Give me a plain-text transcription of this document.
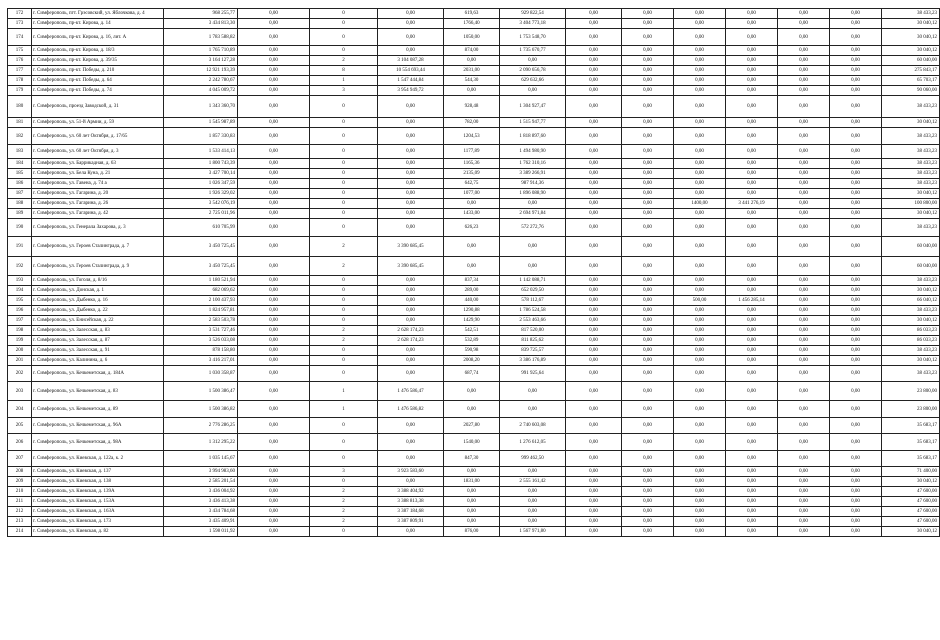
172	г. Симферополь, пгт. Грэсовский, ул. Яблочкова, д. 4	968 255,77	0,00	0	0,00	619,63	929 822,54	0,00	0,00	0,00	0,00	0,00	0,00	38 433,23
173	г. Симферополь, пр-кт. Кирова, д. 14	3 434 813,30	0,00	0	0,00	1766,40	3 404 773,18	0,00	0,00	0,00	0,00	0,00	0,00	30 040,12
174	г. Симферополь, пр-кт. Кирова, д. 16, лит. А	1 783 588,82	0,00	0	0,00	1050,00	1 753 548,70	0,00	0,00	0,00	0,00	0,00	0,00	30 040,12
175	г. Симферополь, пр-кт. Кирова, д. 18/3	1 765 710,89	0,00	0	0,00	874,00	1 735 670,77	0,00	0,00	0,00	0,00	0,00	0,00	30 040,12
176	г. Симферополь, пр-кт. Кирова, д. 39/35	3 164 127,28	0,00	2	3 104 087,28	0,00	0,00	0,00	0,00	0,00	0,00	0,00	0,00	60 040,00
177	г. Симферополь, пр-кт. Победы, д. 210	12 921 193,39	0,00	8	10 554 693,44	2031,00	2 090 656,78	0,00	0,00	0,00	0,00	0,00	0,00	275 843,17
178	г. Симферополь, пр-кт. Победы, д. 64	2 242 780,67	0,00	1	1 547 444,84	544,30	629 632,66	0,00	0,00	0,00	0,00	0,00	0,00	65 703,17
179	г. Симферополь, пр-кт. Победы, д. 74	4 045 009,72	0,00	3	3 954 949,72	0,00	0,00	0,00	0,00	0,00	0,00	0,00	0,00	90 060,00
180	г. Симферополь, проезд Заводской, д. 31	1 343 360,70	0,00	0	0,00	928,48	1 304 927,47	0,00	0,00	0,00	0,00	0,00	0,00	38 433,23
181	г. Симферополь, ул. 51-й Армии, д. 59	1 545 987,89	0,00	0	0,00	782,00	1 515 947,77	0,00	0,00	0,00	0,00	0,00	0,00	30 040,12
182	г. Симферополь, ул. 60 лет Октября, д. 17/65	1 857 330,83	0,00	0	0,00	1204,53	1 818 897,60	0,00	0,00	0,00	0,00	0,00	0,00	38 433,23
183	г. Симферополь, ул. 60 лет Октября, д. 3	1 533 414,13	0,00	0	0,00	1177,89	1 494 980,90	0,00	0,00	0,00	0,00	0,00	0,00	38 433,23
184	г. Симферополь, ул. Баррикадная, д. 63	1 800 743,39	0,00	0	0,00	1165,36	1 762 310,16	0,00	0,00	0,00	0,00	0,00	0,00	38 433,23
185	г. Симферополь, ул. Бела Куна, д. 21	3 427 700,14	0,00	0	0,00	2135,09	3 389 266,91	0,00	0,00	0,00	0,00	0,00	0,00	38 433,23
186	г. Симферополь, ул. Гавена, д. 74 а	1 026 347,59	0,00	0	0,00	642,75	987 914,36	0,00	0,00	0,00	0,00	0,00	0,00	38 433,23
187	г. Симферополь, ул. Гагарина, д. 20	1 926 329,02	0,00	0	0,00	1077,00	1 896 088,90	0,00	0,00	0,00	0,00	0,00	0,00	30 040,12
188	г. Симферополь, ул. Гагарина, д. 26	3 542 076,19	0,00	0	0,00	0,00	0,00	0,00	0,00	1400,00	3 441 276,19	0,00	0,00	100 800,00
189	г. Симферополь, ул. Гагарина, д. 42	2 725 011,96	0,00	0	0,00	1433,00	2 694 971,84	0,00	0,00	0,00	0,00	0,00	0,00	30 040,12
190	г. Симферополь, ул. Генерала Захарова, д. 3	610 705,99	0,00	0	0,00	626,23	572 272,76	0,00	0,00	0,00	0,00	0,00	0,00	38 433,23
191	г. Симферополь, ул. Героев Сталинграда, д. 7	3 450 725,45	0,00	2	3 390 685,45	0,00	0,00	0,00	0,00	0,00	0,00	0,00	0,00	60 040,00
192	г. Симферополь, ул. Героев Сталинграда, д. 9	3 450 725,45	0,00	2	3 390 685,45	0,00	0,00	0,00	0,00	0,00	0,00	0,00	0,00	60 040,00
193	г. Симферополь, ул. Гоголя, д. 8/16	1 180 521,94	0,00	0	0,00	837,34	1 142 088,71	0,00	0,00	0,00	0,00	0,00	0,00	38 433,23
194	г. Симферополь, ул. Донская, д. 1	682 069,62	0,00	0	0,00	289,00	652 029,50	0,00	0,00	0,00	0,00	0,00	0,00	30 040,12
195	г. Симферополь, ул. Дыбенко, д. 16	2 100 437,93	0,00	0	0,00	440,00	578 112,67	0,00	0,00	500,00	1 456 285,14	0,00	0,00	66 040,12
196	г. Симферополь, ул. Дыбенко, д. 22	1 824 957,81	0,00	0	0,00	1290,88	1 786 524,58	0,00	0,00	0,00	0,00	0,00	0,00	38 433,23
197	г. Симферополь, ул. Енисейская, д. 22	2 583 503,78	0,00	0	0,00	1429,90	2 553 463,66	0,00	0,00	0,00	0,00	0,00	0,00	30 040,12
198	г. Симферополь, ул. Залесская, д. 83	3 531 727,46	0,00	2	2 628 174,23	542,51	817 520,00	0,00	0,00	0,00	0,00	0,00	0,00	86 033,23
199	г. Симферополь, ул. Залесская, д. 87	3 526 033,08	0,00	2	2 628 174,23	532,89	811 825,62	0,00	0,00	0,00	0,00	0,00	0,00	86 033,23
200	г. Симферополь, ул. Залесская, д. 91	878 158,80	0,00	0	0,00	590,98	839 725,57	0,00	0,00	0,00	0,00	0,00	0,00	38 433,23
201	г. Симферополь, ул. Калинина, д. 6	3 416 217,01	0,00	0	0,00	2008,20	3 386 176,89	0,00	0,00	0,00	0,00	0,00	0,00	30 040,12
202	г. Симферополь, ул. Кечкеметская, д. 184А	1 030 358,87	0,00	0	0,00	687,74	991 925,64	0,00	0,00	0,00	0,00	0,00	0,00	38 433,23
203	г. Симферополь, ул. Кечкеметская, д. 83	1 500 386,47	0,00	1	1 476 586,47	0,00	0,00	0,00	0,00	0,00	0,00	0,00	0,00	23 800,00
204	г. Симферополь, ул. Кечкеметская, д. 89	1 500 386,82	0,00	1	1 476 586,82	0,00	0,00	0,00	0,00	0,00	0,00	0,00	0,00	23 800,00
205	г. Симферополь, ул. Кечкеметская, д. 96А	2 776 286,25	0,00	0	0,00	2027,80	2 740 603,08	0,00	0,00	0,00	0,00	0,00	0,00	35 683,17
206	г. Симферополь, ул. Кечкеметская, д. 98А	1 312 295,22	0,00	0	0,00	1540,00	1 276 612,05	0,00	0,00	0,00	0,00	0,00	0,00	35 683,17
207	г. Симферополь, ул. Киевская, д. 122а, к. 2	1 035 145,67	0,00	0	0,00	847,30	999 462,50	0,00	0,00	0,00	0,00	0,00	0,00	35 683,17
208	г. Симферополь, ул. Киевская, д. 137	3 994 983,60	0,00	3	3 923 583,60	0,00	0,00	0,00	0,00	0,00	0,00	0,00	0,00	71 400,00
209	г. Симферополь, ул. Киевская, д. 138	2 585 201,54	0,00	0	0,00	1831,00	2 555 161,42	0,00	0,00	0,00	0,00	0,00	0,00	30 040,12
210	г. Симферополь, ул. Киевская, д. 139А	3 436 004,92	0,00	2	3 388 404,92	0,00	0,00	0,00	0,00	0,00	0,00	0,00	0,00	47 600,00
211	г. Симферополь, ул. Киевская, д. 153А	3 436 413,38	0,00	2	3 388 813,38	0,00	0,00	0,00	0,00	0,00	0,00	0,00	0,00	47 600,00
212	г. Симферополь, ул. Киевская, д. 163А	3 434 784,68	0,00	2	3 387 184,68	0,00	0,00	0,00	0,00	0,00	0,00	0,00	0,00	47 600,00
213	г. Симферополь, ул. Киевская, д. 173	3 435 409,91	0,00	2	3 387 809,91	0,00	0,00	0,00	0,00	0,00	0,00	0,00	0,00	47 600,00
214	г. Симферополь, ул. Киевская, д. 82	1 598 011,92	0,00	0	0,00	876,00	1 567 971,80	0,00	0,00	0,00	0,00	0,00	0,00	30 040,12
